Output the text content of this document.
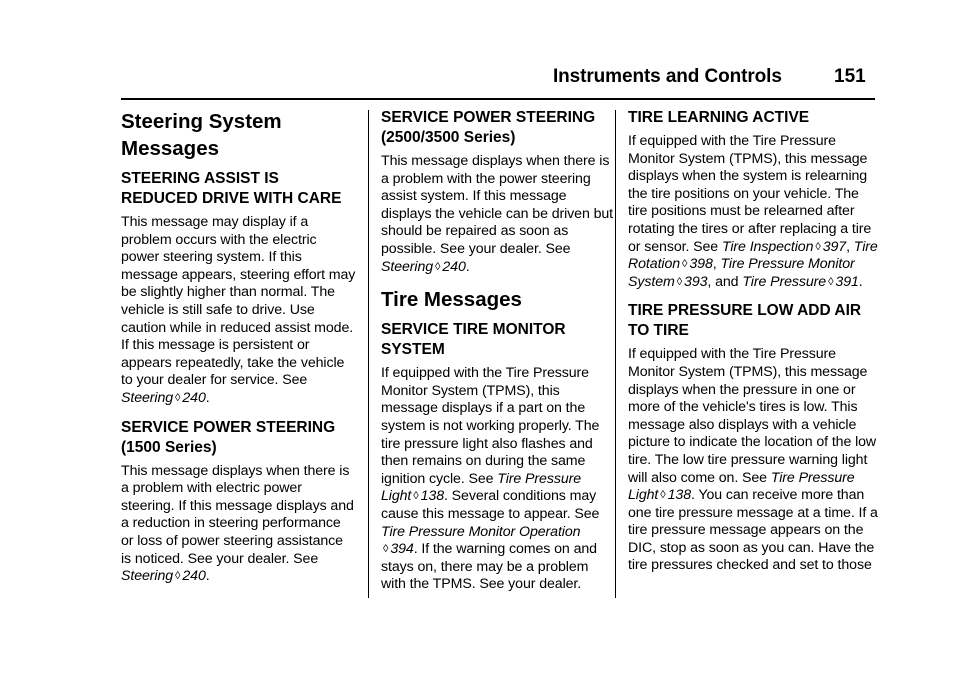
Instruments and Controls	151
Steering System Messages
STEERING ASSIST IS REDUCED DRIVE WITH CARE

This message may display if a problem occurs with the electric power steering system. If this message appears, steering effort may be slightly higher than normal. The vehicle is still safe to drive. Use caution while in reduced assist mode. If this message is persistent or appears repeatedly, take the vehicle to your dealer for service. See Steering ◊ 240.

SERVICE POWER STEERING (1500 Series)

This message displays when there is a problem with electric power steering. If this message displays and a reduction in steering performance or loss of power steering assistance is noticed. See your dealer. See Steering ◊ 240.

SERVICE POWER STEERING (2500/3500 Series)

This message displays when there is a problem with the power steering assist system. If this message displays the vehicle can be driven but should be repaired as soon as possible. See your dealer. See Steering ◊ 240.

Tire Messages
SERVICE TIRE MONITOR SYSTEM

If equipped with the Tire Pressure Monitor System (TPMS), this message displays if a part on the system is not working properly. The tire pressure light also flashes and then remains on during the same ignition cycle. See Tire Pressure Light ◊ 138. Several conditions may cause this message to appear. See Tire Pressure Monitor Operation ◊ 394. If the warning comes on and stays on, there may be a problem with the TPMS. See your dealer.

TIRE LEARNING ACTIVE

If equipped with the Tire Pressure Monitor System (TPMS), this message displays when the system is relearning the tire positions on your vehicle. The tire positions must be relearned after rotating the tires or after replacing a tire or sensor. See Tire Inspection ◊ 397, Tire Rotation ◊ 398, Tire Pressure Monitor System ◊ 393, and Tire Pressure ◊ 391.

TIRE PRESSURE LOW ADD AIR TO TIRE

If equipped with the Tire Pressure Monitor System (TPMS), this message displays when the pressure in one or more of the vehicle's tires is low. This message also displays with a vehicle picture to indicate the location of the low tire. The low tire pressure warning light will also come on. See Tire Pressure Light ◊ 138. You can receive more than one tire pressure message at a time. If a tire pressure message appears on the DIC, stop as soon as you can. Have the tire pressures checked and set to those
